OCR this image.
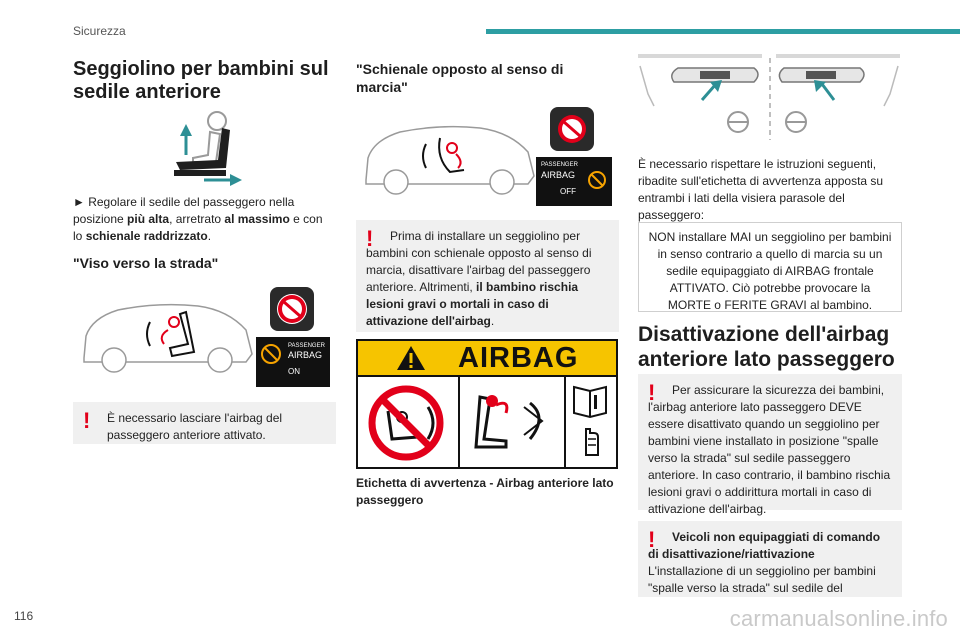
Sicurezza
116	carmanualsonline.info
Seggiolino per bambini sul sedile anteriore

► Regolare il sedile del passeggero nella posizione più alta, arretrato al massimo e con lo schienale raddrizzato.

"Viso verso la strada"
PASSENGER
AIRBAG
ON
!	È necessario lasciare l'airbag del passeggero anteriore attivato.
"Schienale opposto al senso di marcia"
PASSENGER
AIRBAG
OFF
!	Prima di installare un seggiolino per bambini con schienale opposto al senso di marcia, disattivare l'airbag del passeggero anteriore. Altrimenti, il bambino rischia lesioni gravi o mortali in caso di attivazione dell'airbag.
AIRBAG

Etichetta di avvertenza - Airbag anteriore lato passeggero

È necessario rispettare le istruzioni seguenti, ribadite sull'etichetta di avvertenza apposta su entrambi i lati della visiera parasole del passeggero:

NON installare MAI un seggiolino per bambini in senso contrario a quello di marcia su un sedile equipaggiato di AIRBAG frontale ATTIVATO. Ciò potrebbe provocare la MORTE o FERITE GRAVI al bambino.
Disattivazione dell'airbag anteriore lato passeggero
!	Per assicurare la sicurezza dei bambini, l'airbag anteriore lato passeggero DEVE essere disattivato quando un seggiolino per bambini viene installato in posizione "spalle verso la strada" sul sedile passeggero anteriore. In caso contrario, il bambino rischia lesioni gravi o addirittura mortali in caso di attivazione dell'airbag.
!	Veicoli non equipaggiati di comando di disattivazione/riattivazione
L'installazione di un seggiolino per bambini "spalle verso la strada" sul sedile del
